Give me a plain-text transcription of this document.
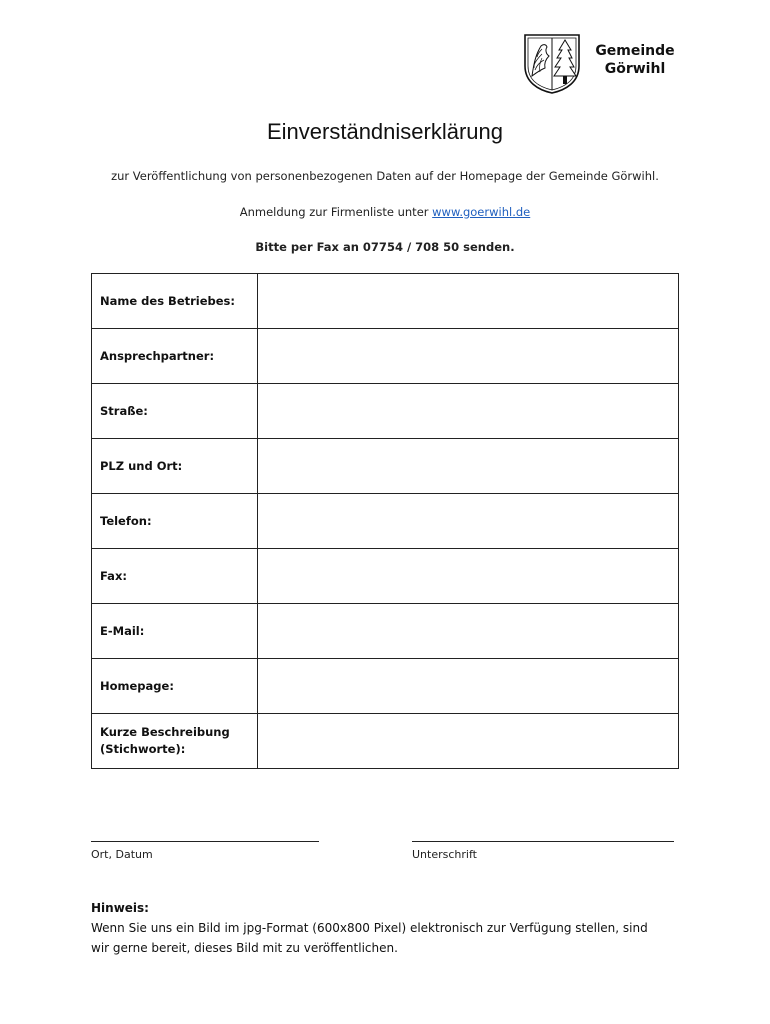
Gemeinde
Görwihl
Einverständniserklärung
zur Veröffentlichung von personenbezogenen Daten auf der Homepage der Gemeinde Görwihl.
Anmeldung zur Firmenliste unter www.goerwihl.de
Bitte per Fax an 07754 / 708 50 senden.
Name des Betriebes:	
Ansprechpartner:	
Straße:	
PLZ und Ort:	
Telefon:	
Fax:	
E-Mail:	
Homepage:	

Kurze Beschreibung
(Stichworte):	

Ort, Datum	Unterschrift
Hinweis:
Wenn Sie uns ein Bild im jpg-Format (600x800 Pixel) elektronisch zur Verfügung stellen, sind
wir gerne bereit, dieses Bild mit zu veröffentlichen.
